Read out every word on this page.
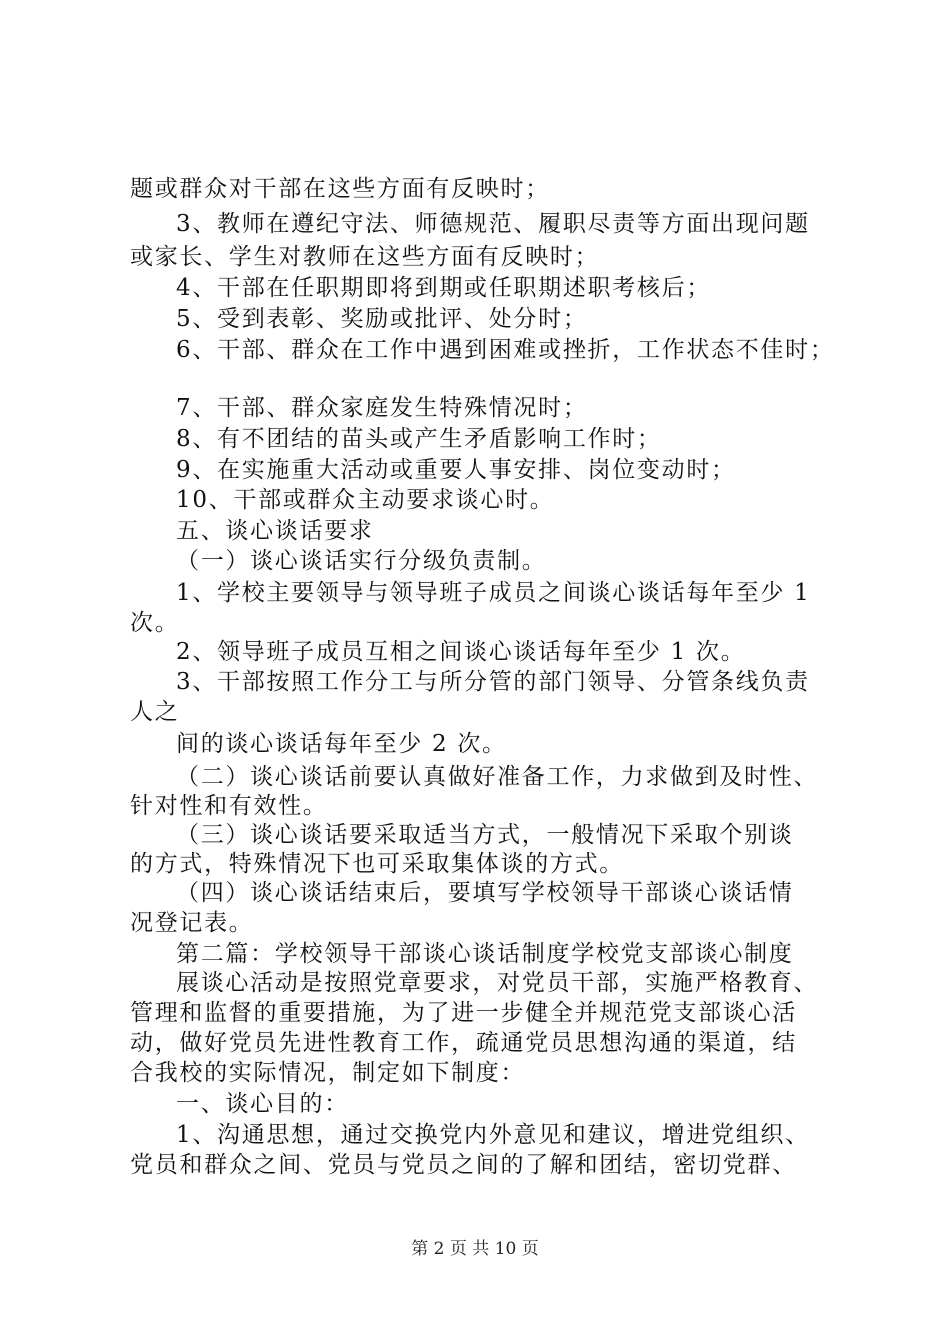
题或群众对干部在这些方面有反映时；
3、教师在遵纪守法、师德规范、履职尽责等方面出现问题
或家长、学生对教师在这些方面有反映时；
4、干部在任职期即将到期或任职期述职考核后；
5、受到表彰、奖励或批评、处分时；
6、干部、群众在工作中遇到困难或挫折，工作状态不佳时；
7、干部、群众家庭发生特殊情况时；
8、有不团结的苗头或产生矛盾影响工作时；
9、在实施重大活动或重要人事安排、岗位变动时；
10、干部或群众主动要求谈心时。
五、谈心谈话要求
（一）谈心谈话实行分级负责制。
1、学校主要领导与领导班子成员之间谈心谈话每年至少 1
次。
2、领导班子成员互相之间谈心谈话每年至少 1 次。
3、干部按照工作分工与所分管的部门领导、分管条线负责
人之
间的谈心谈话每年至少 2 次。
（二）谈心谈话前要认真做好准备工作，力求做到及时性、
针对性和有效性。
（三）谈心谈话要采取适当方式，一般情况下采取个别谈
的方式，特殊情况下也可采取集体谈的方式。
（四）谈心谈话结束后，要填写学校领导干部谈心谈话情
况登记表。
第二篇：学校领导干部谈心谈话制度学校党支部谈心制度
展谈心活动是按照党章要求，对党员干部，实施严格教育、
管理和监督的重要措施，为了进一步健全并规范党支部谈心活
动，做好党员先进性教育工作，疏通党员思想沟通的渠道，结
合我校的实际情况，制定如下制度：
一、谈心目的：
1、沟通思想，通过交换党内外意见和建议，增进党组织、
党员和群众之间、党员与党员之间的了解和团结，密切党群、
第 2 页 共 10 页
